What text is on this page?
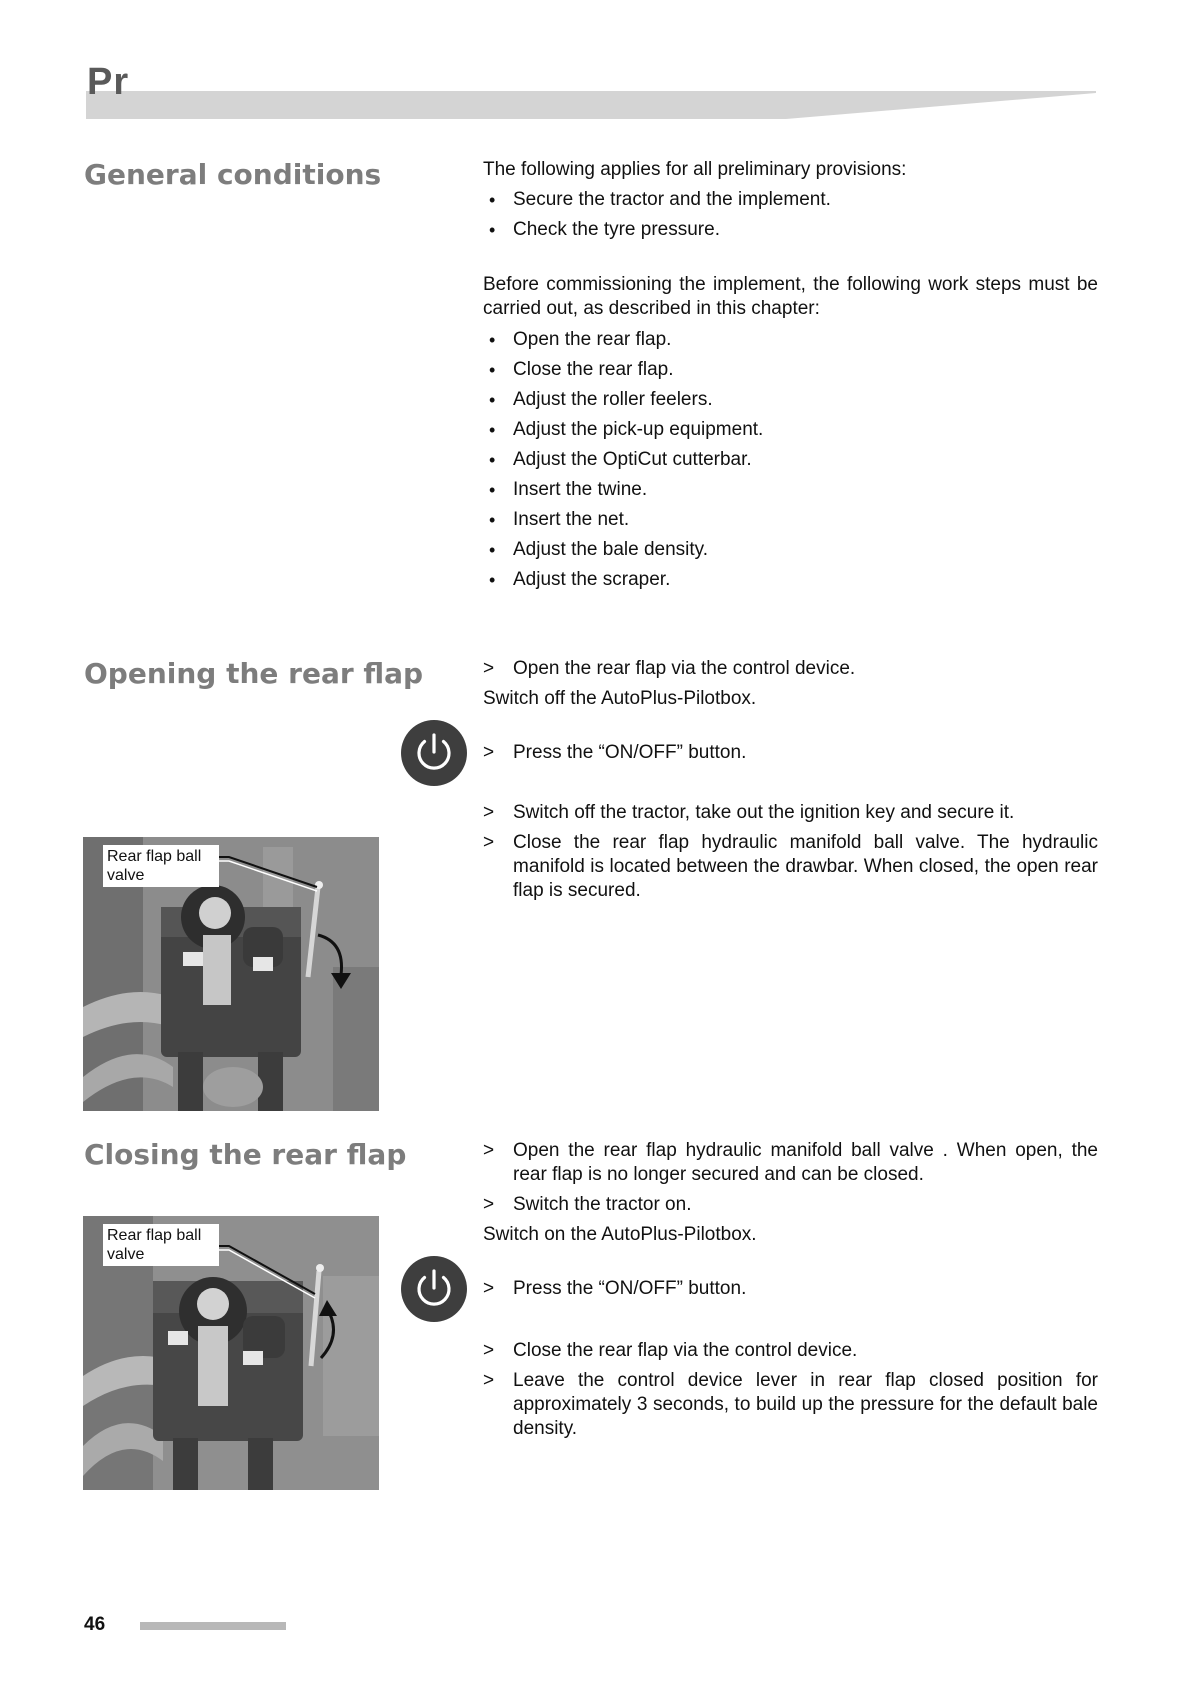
Pr
General conditions	The following applies for all preliminary provisions:
• Secure the tractor and the implement.
• Check the tyre pressure.
Before commissioning the implement, the following work steps must be carried out, as described in this chapter:
• Open the rear flap.
• Close the rear flap.
• Adjust the roller feelers.
• Adjust the pick-up equipment.
• Adjust the OptiCut cutterbar.
• Insert the twine.
• Insert the net.
• Adjust the bale density.
• Adjust the scraper.
Opening the rear flap	> Open the rear flap via the control device.
Switch off the AutoPlus-Pilotbox.
> Press the “ON/OFF” button.
> Switch off the tractor, take out the ignition key and secure it.
> Close the rear flap hydraulic manifold ball valve. The hydraulic manifold is located between the drawbar. When closed, the open rear flap is secured.
Rear flap ball valve
Closing the rear flap	> Open the rear flap hydraulic manifold ball valve . When open, the rear flap is no longer secured and can be closed.
> Switch the tractor on.
Switch on the AutoPlus-Pilotbox.
> Press the “ON/OFF” button.
> Close the rear flap via the control device.
> Leave the control device lever in rear flap closed position for approximately 3 seconds, to build up the pressure for the default bale density.
Rear flap ball valve
46
